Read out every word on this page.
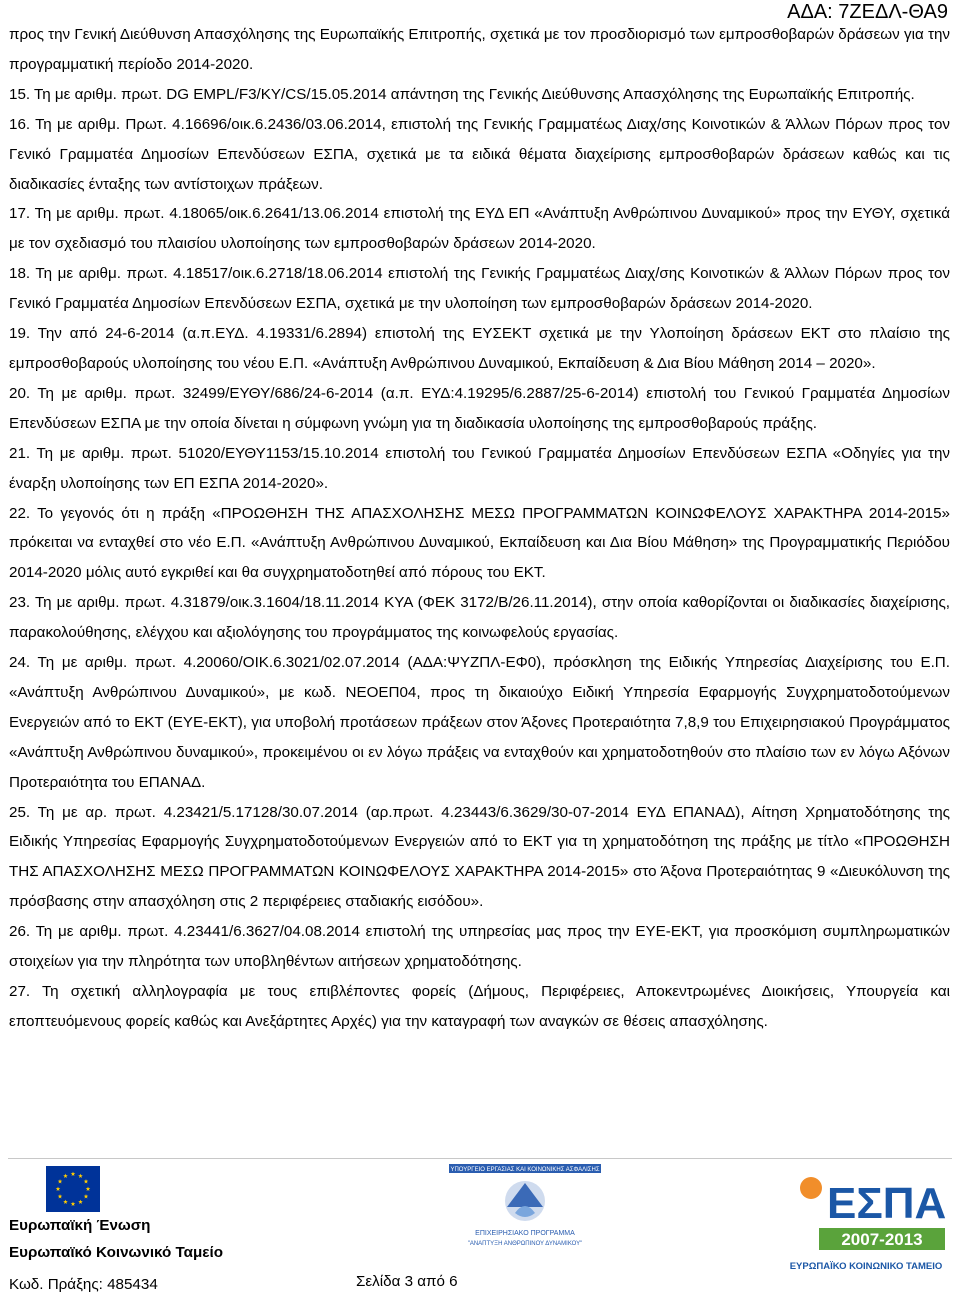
ΑΔΑ: 7ΖΕΔΛ-ΘΑ9

προς την Γενική Διεύθυνση Απασχόλησης της Ευρωπαϊκής Επιτροπής, σχετικά με τον προσδιορισμό των εμπροσθοβαρών δράσεων για την προγραμματική περίοδο 2014-2020.

15. Τη με αριθμ. πρωτ. DG EMPL/F3/KY/CS/15.05.2014 απάντηση της Γενικής Διεύθυνσης Απασχόλησης της Ευρωπαϊκής Επιτροπής.

16. Τη με αριθμ. Πρωτ. 4.16696/οικ.6.2436/03.06.2014, επιστολή της Γενικής Γραμματέως Διαχ/σης Κοινοτικών & Άλλων Πόρων προς τον Γενικό Γραμματέα Δημοσίων Επενδύσεων ΕΣΠΑ, σχετικά με τα ειδικά θέματα διαχείρισης εμπροσθοβαρών δράσεων καθώς και τις διαδικασίες ένταξης των αντίστοιχων πράξεων.

17. Τη με αριθμ. πρωτ. 4.18065/οικ.6.2641/13.06.2014 επιστολή της ΕΥΔ ΕΠ «Ανάπτυξη Ανθρώπινου Δυναμικού» προς την ΕΥΘΥ, σχετικά με τον σχεδιασμό του πλαισίου υλοποίησης των εμπροσθοβαρών δράσεων 2014-2020.

18. Τη με αριθμ. πρωτ. 4.18517/οικ.6.2718/18.06.2014 επιστολή της Γενικής Γραμματέως Διαχ/σης Κοινοτικών & Άλλων Πόρων προς τον Γενικό Γραμματέα Δημοσίων Επενδύσεων ΕΣΠΑ, σχετικά με την υλοποίηση των εμπροσθοβαρών δράσεων 2014-2020.

19. Την από 24-6-2014 (α.π.ΕΥΔ. 4.19331/6.2894) επιστολή της ΕΥΣΕΚΤ σχετικά με την Υλοποίηση δράσεων ΕΚΤ στο πλαίσιο της εμπροσθοβαρούς υλοποίησης του νέου Ε.Π. «Ανάπτυξη Ανθρώπινου Δυναμικού, Εκπαίδευση & Δια Βίου Μάθηση 2014 – 2020».

20. Τη με αριθμ. πρωτ. 32499/ΕΥΘΥ/686/24-6-2014 (α.π. ΕΥΔ:4.19295/6.2887/25-6-2014) επιστολή του Γενικού Γραμματέα Δημοσίων Επενδύσεων ΕΣΠΑ με την οποία δίνεται η σύμφωνη γνώμη για τη διαδικασία υλοποίησης της εμπροσθοβαρούς πράξης.

21. Τη με αριθμ. πρωτ. 51020/ΕΥΘΥ1153/15.10.2014 επιστολή του Γενικού Γραμματέα Δημοσίων Επενδύσεων ΕΣΠΑ «Οδηγίες για την έναρξη υλοποίησης των ΕΠ ΕΣΠΑ 2014-2020».

22. Το γεγονός ότι η πράξη «ΠΡΟΩΘΗΣΗ ΤΗΣ ΑΠΑΣΧΟΛΗΣΗΣ ΜΕΣΩ ΠΡΟΓΡΑΜΜΑΤΩΝ ΚΟΙΝΩΦΕΛΟΥΣ ΧΑΡΑΚΤΗΡΑ 2014-2015» πρόκειται να ενταχθεί στο νέο Ε.Π. «Ανάπτυξη Ανθρώπινου Δυναμικού, Εκπαίδευση και Δια Βίου Μάθηση» της Προγραμματικής Περιόδου 2014-2020 μόλις αυτό εγκριθεί και θα συγχρηματοδοτηθεί από πόρους του ΕΚΤ.

23. Τη με αριθμ. πρωτ. 4.31879/οικ.3.1604/18.11.2014 ΚΥΑ (ΦΕΚ 3172/Β/26.11.2014), στην οποία καθορίζονται οι διαδικασίες διαχείρισης, παρακολούθησης, ελέγχου και αξιολόγησης του προγράμματος της κοινωφελούς εργασίας.

24. Τη με αριθμ. πρωτ. 4.20060/ΟΙΚ.6.3021/02.07.2014 (ΑΔΑ:ΨΥΖΠΛ-ΕΦ0), πρόσκληση της Ειδικής Υπηρεσίας Διαχείρισης του Ε.Π. «Ανάπτυξη Ανθρώπινου Δυναμικού», με κωδ. ΝΕΟΕΠ04, προς τη δικαιούχο Ειδική Υπηρεσία Εφαρμογής Συγχρηματοδοτούμενων Ενεργειών από το ΕΚΤ (ΕΥΕ-ΕΚΤ), για υποβολή προτάσεων πράξεων στον Άξονες Προτεραιότητα 7,8,9 του Επιχειρησιακού Προγράμματος «Ανάπτυξη Ανθρώπινου δυναμικού», προκειμένου οι εν λόγω πράξεις να ενταχθούν και χρηματοδοτηθούν στο πλαίσιο των εν λόγω Αξόνων Προτεραιότητα του ΕΠΑΝΑΔ.

25. Τη με αρ. πρωτ. 4.23421/5.17128/30.07.2014 (αρ.πρωτ. 4.23443/6.3629/30-07-2014 ΕΥΔ ΕΠΑΝΑΔ), Αίτηση Χρηματοδότησης της Ειδικής Υπηρεσίας Εφαρμογής Συγχρηματοδοτούμενων Ενεργειών από το ΕΚΤ για τη χρηματοδότηση της πράξης με τίτλο «ΠΡΟΩΘΗΣΗ ΤΗΣ ΑΠΑΣΧΟΛΗΣΗΣ ΜΕΣΩ ΠΡΟΓΡΑΜΜΑΤΩΝ ΚΟΙΝΩΦΕΛΟΥΣ ΧΑΡΑΚΤΗΡΑ 2014-2015» στο Άξονα Προτεραιότητας 9 «Διευκόλυνση της πρόσβασης στην απασχόληση στις 2 περιφέρειες σταδιακής εισόδου».

26. Τη με αριθμ. πρωτ. 4.23441/6.3627/04.08.2014 επιστολή της υπηρεσίας μας προς την ΕΥΕ-ΕΚΤ, για προσκόμιση συμπληρωματικών στοιχείων για την πληρότητα των υποβληθέντων αιτήσεων χρηματοδότησης.

27. Τη σχετική αλληλογραφία με τους επιβλέποντες φορείς (Δήμους, Περιφέρειες, Αποκεντρωμένες Διοικήσεις, Υπουργεία και εποπτευόμενους φορείς καθώς και Ανεξάρτητες Αρχές) για την καταγραφή των αναγκών σε θέσεις απασχόλησης.

Ευρωπαϊκή Ένωση
Ευρωπαϊκό Κοινωνικό Ταμείο
Κωδ. Πράξης: 485434	Σελίδα 3 από 6
ΥΠΟΥΡΓΕΙΟ ΕΡΓΑΣΙΑΣ ΚΑΙ ΚΟΙΝΩΝΙΚΗΣ ΑΣΦΑΛΙΣΗΣ
ΕΠΙΧΕΙΡΗΣΙΑΚΟ ΠΡΟΓΡΑΜΜΑ
"ΑΝΑΠΤΥΞΗ ΑΝΘΡΩΠΙΝΟΥ ΔΥΝΑΜΙΚΟΥ"
ΕΣΠΑ
2007-2013
ΕΥΡΩΠΑΪΚΟ ΚΟΙΝΩΝΙΚΟ ΤΑΜΕΙΟ
